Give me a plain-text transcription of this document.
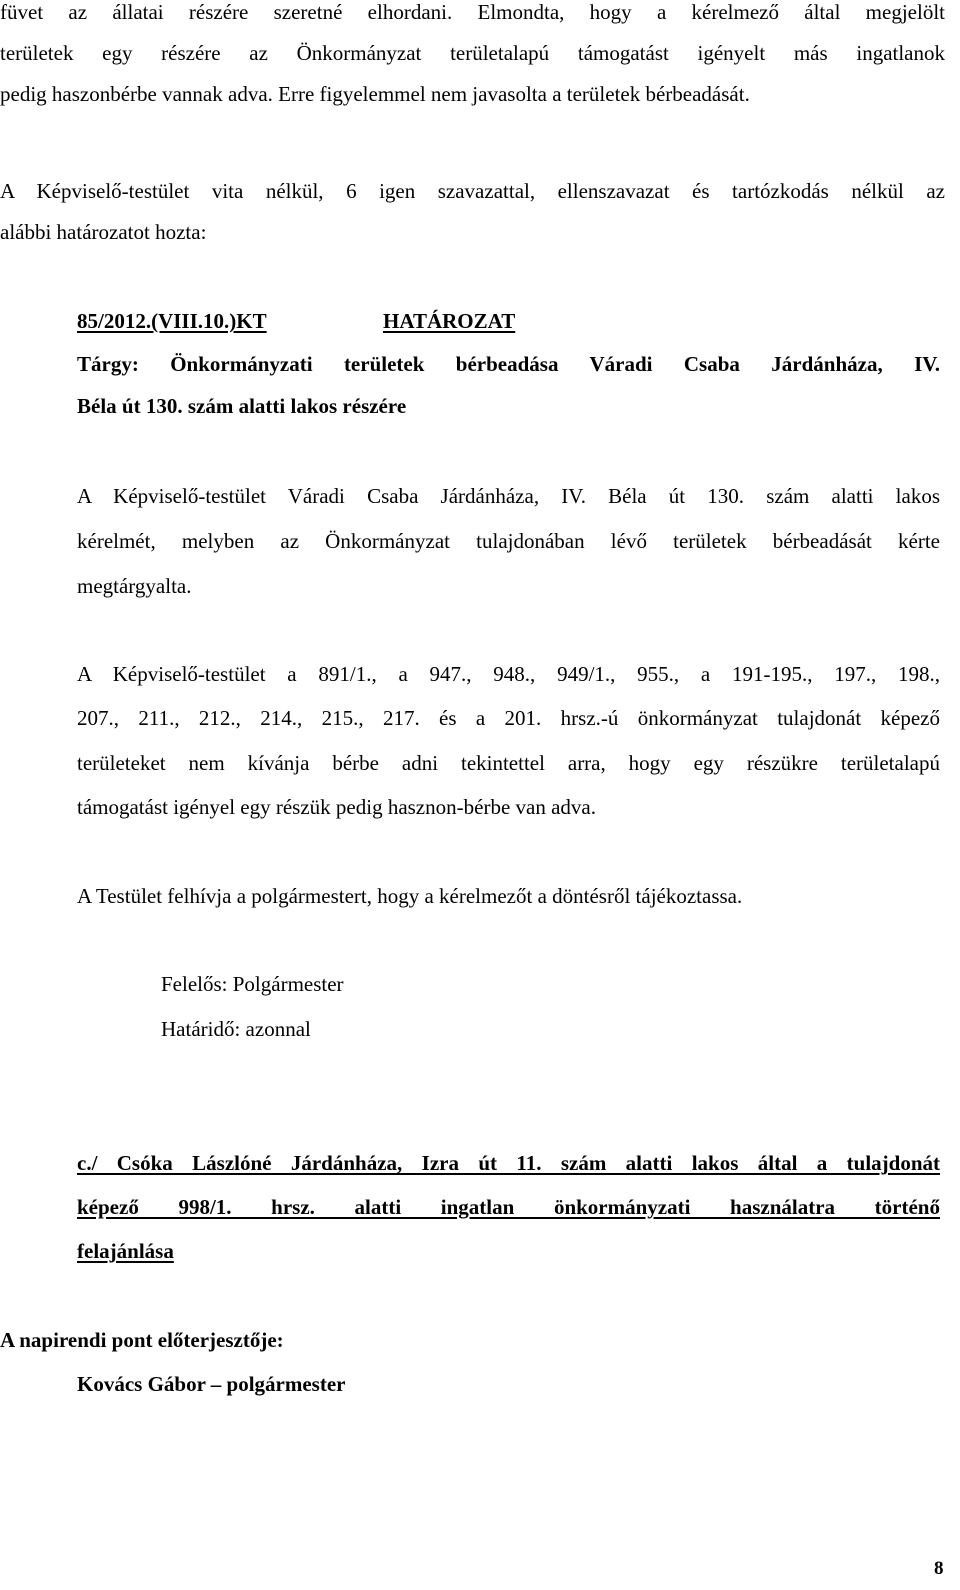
füvet az állatai részére szeretné elhordani. Elmondta, hogy a kérelmező által megjelölt
területek egy részére az Önkormányzat területalapú támogatást igényelt más ingatlanok
pedig haszonbérbe vannak adva. Erre figyelemmel nem javasolta a területek bérbeadását.
A Képviselő-testület vita nélkül, 6 igen szavazattal, ellenszavazat és tartózkodás nélkül az
alábbi határozatot hozta:
85/2012.(VIII.10.)KT	HATÁROZAT
Tárgy: Önkormányzati területek bérbeadása Váradi Csaba Járdánháza, IV.
Béla út 130. szám alatti lakos részére
A Képviselő-testület Váradi Csaba Járdánháza, IV. Béla út 130. szám alatti lakos
kérelmét, melyben az Önkormányzat tulajdonában lévő területek bérbeadását kérte
megtárgyalta.
A Képviselő-testület a 891/1., a 947., 948., 949/1., 955., a 191-195., 197., 198.,
207., 211., 212., 214., 215., 217. és a 201. hrsz.-ú önkormányzat tulajdonát képező
területeket nem kívánja bérbe adni tekintettel arra, hogy egy részükre területalapú
támogatást igényel egy részük pedig hasznon-bérbe van adva.
A Testület felhívja a polgármestert, hogy a kérelmezőt a döntésről tájékoztassa.
Felelős: Polgármester
Határidő: azonnal
c./ Csóka Lászlóné Járdánháza, Izra út 11. szám alatti lakos által a tulajdonát
képező 998/1. hrsz. alatti ingatlan önkormányzati használatra történő
felajánlása
A napirendi pont előterjesztője:
Kovács Gábor – polgármester
8
